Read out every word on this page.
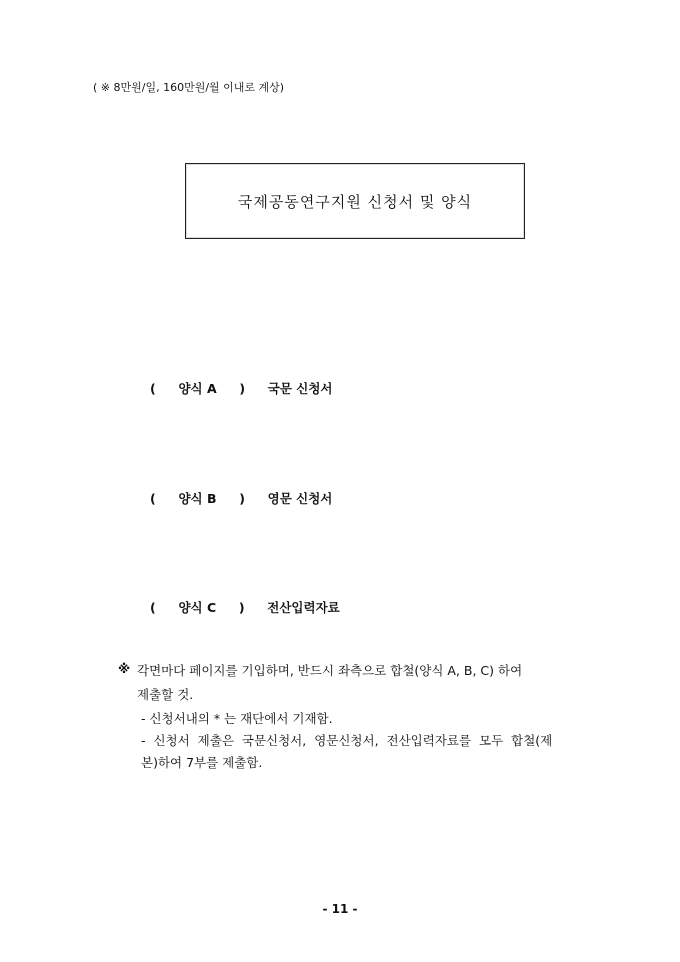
( ※ 8만원/일, 160만원/월 이내로 계상)
국제공동연구지원 신청서 및 양식
( 양식 A ) 국문 신청서
( 양식 B ) 영문 신청서
( 양식 C ) 전산입력자료
※ 각면마다 페이지를 기입하며, 반드시 좌측으로 합철(양식 A, B, C) 하여
제출할 것.
- 신청서내의 * 는 재단에서 기재함.
- 신청서 제출은 국문신청서, 영문신청서, 전산입력자료를 모두 합철(제
본)하여 7부를 제출함.
- 11 -
